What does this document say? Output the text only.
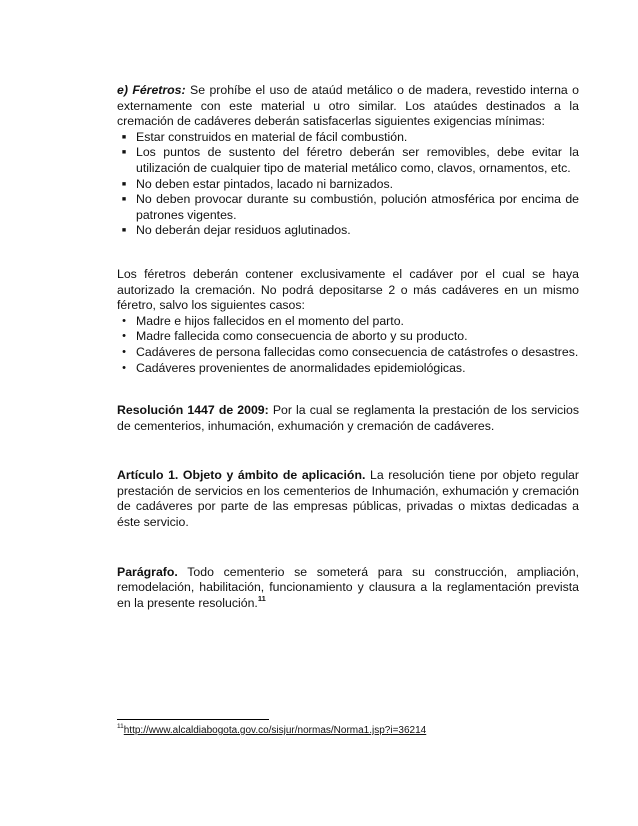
e) Féretros: Se prohíbe el uso de ataúd metálico o de madera, revestido interna o externamente con este material u otro similar. Los ataúdes destinados a la cremación de cadáveres deberán satisfacerlas siguientes exigencias mínimas:

■ Estar construidos en material de fácil combustión.
■ Los puntos de sustento del féretro deberán ser removibles, debe evitar la utilización de cualquier tipo de material metálico como, clavos, ornamentos, etc.
■ No deben estar pintados, lacado ni barnizados.
■ No deben provocar durante su combustión, polución atmosférica por encima de patrones vigentes.
■ No deberán dejar residuos aglutinados.

Los féretros deberán contener exclusivamente el cadáver por el cual se haya autorizado la cremación. No podrá depositarse 2 o más cadáveres en un mismo féretro, salvo los siguientes casos:

• Madre e hijos fallecidos en el momento del parto.
• Madre fallecida como consecuencia de aborto y su producto.
• Cadáveres de persona fallecidas como consecuencia de catástrofes o desastres.
• Cadáveres provenientes de anormalidades epidemiológicas.

Resolución 1447 de 2009: Por la cual se reglamenta la prestación de los servicios de cementerios, inhumación, exhumación y cremación de cadáveres.

Artículo 1. Objeto y ámbito de aplicación. La resolución tiene por objeto regular prestación de servicios en los cementerios de Inhumación, exhumación y cremación de cadáveres por parte de las empresas públicas, privadas o mixtas dedicadas a éste servicio.

Parágrafo. Todo cementerio se someterá para su construcción, ampliación, remodelación, habilitación, funcionamiento y clausura a la reglamentación prevista en la presente resolución.$^{11}$

$^{11}$http://www.alcaldiabogota.gov.co/sisjur/normas/Norma1.jsp?i=36214
